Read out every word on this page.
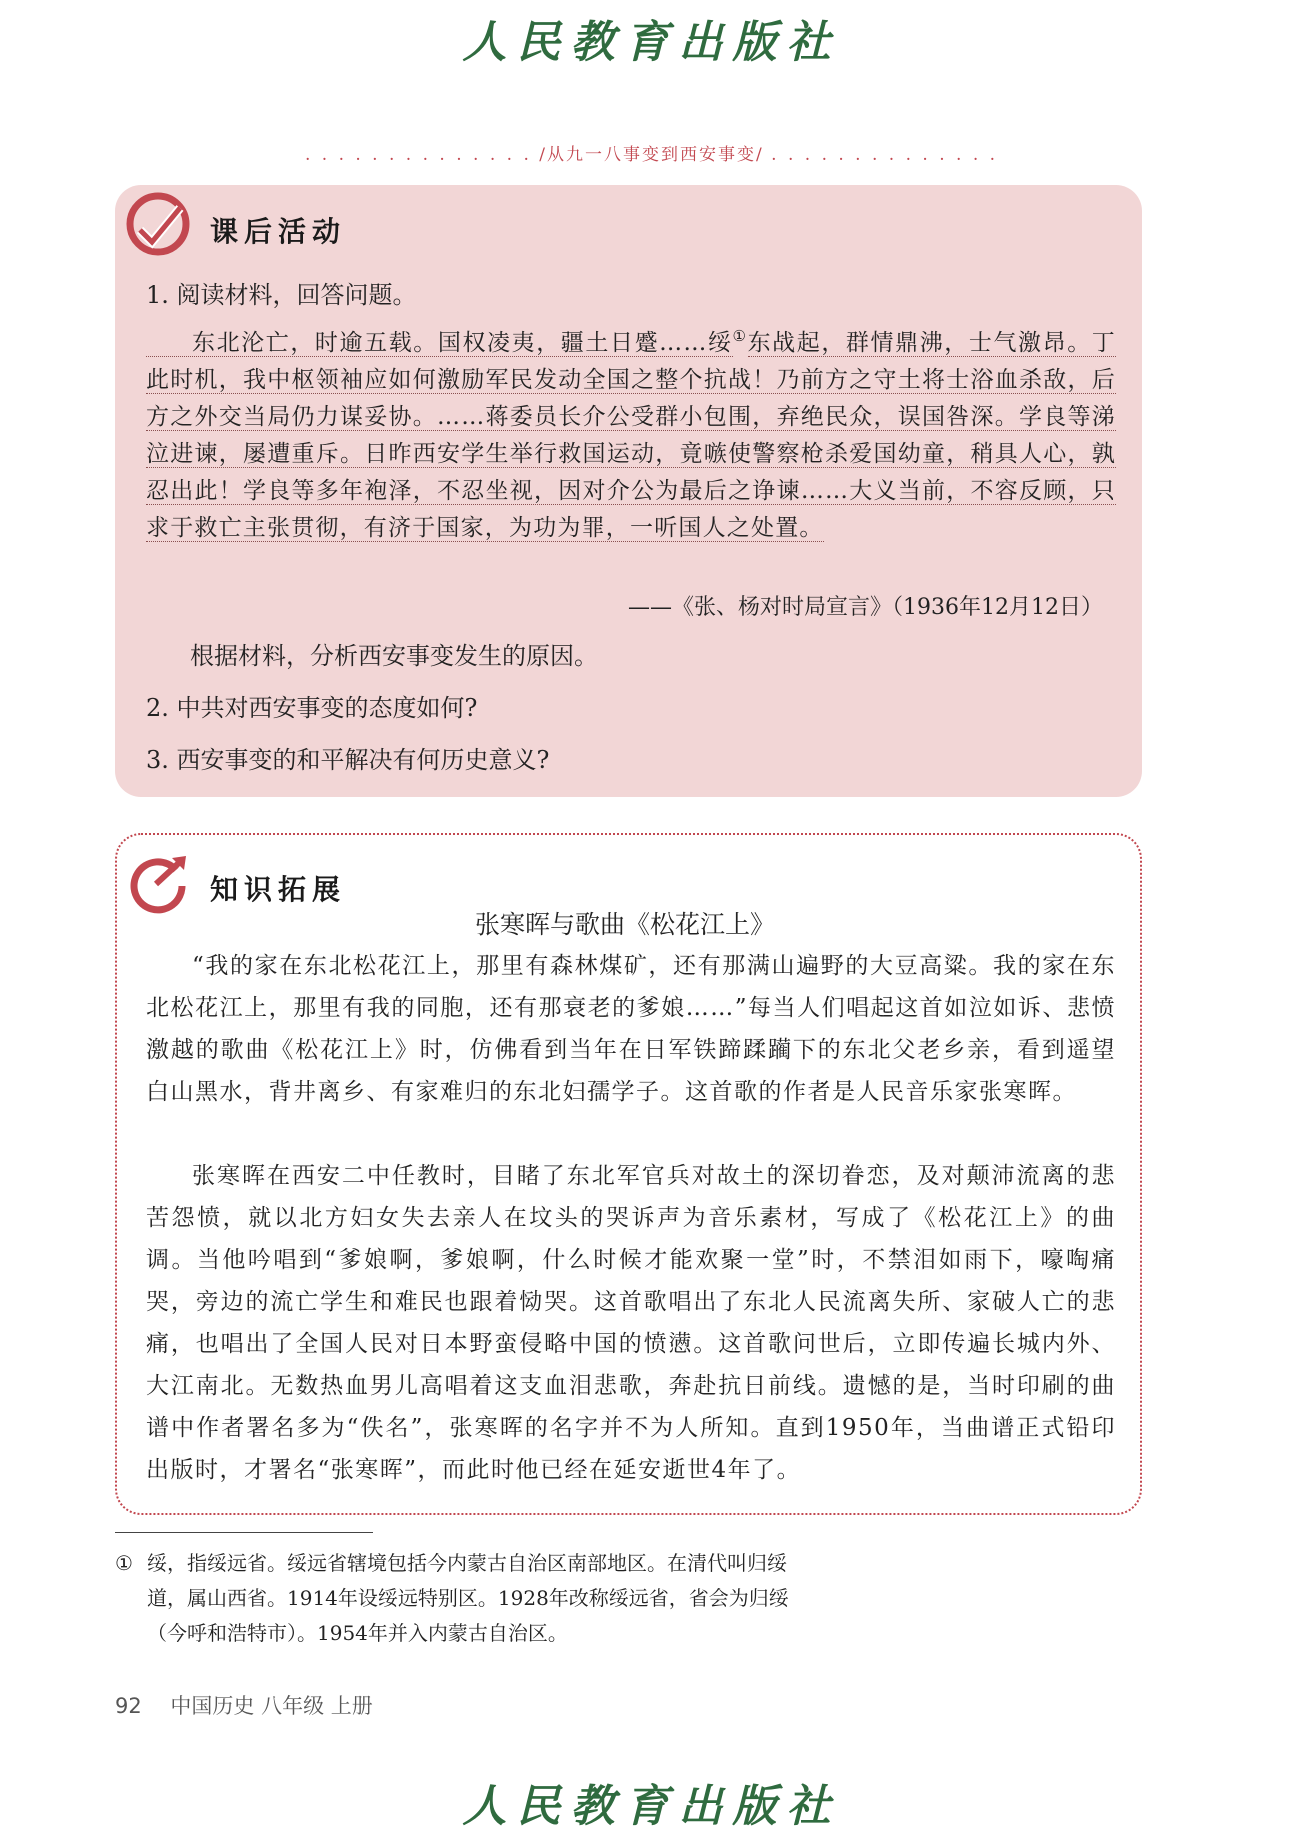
人民教育出版社
. . . . . . . . . . . . . . /从九一八事变到西安事变/ . . . . . . . . . . . . . .
课后活动
1. 阅读材料，回答问题。
东北沦亡，时逾五载。国权凌夷，疆土日蹙……绥①东战起，群情鼎沸，士气激昂。丁此时机，我中枢领袖应如何激励军民发动全国之整个抗战！乃前方之守土将士浴血杀敌，后方之外交当局仍力谋妥协。……蒋委员长介公受群小包围，弃绝民众，误国咎深。学良等涕泣进谏，屡遭重斥。日昨西安学生举行救国运动，竟嗾使警察枪杀爱国幼童，稍具人心，孰忍出此！学良等多年袍泽，不忍坐视，因对介公为最后之诤谏……大义当前，不容反顾，只求于救亡主张贯彻，有济于国家，为功为罪，一听国人之处置。
——《张、杨对时局宣言》（1936年12月12日）
根据材料，分析西安事变发生的原因。
2. 中共对西安事变的态度如何?
3. 西安事变的和平解决有何历史意义?
知识拓展
张寒晖与歌曲《松花江上》
“我的家在东北松花江上，那里有森林煤矿，还有那满山遍野的大豆高粱。我的家在东北松花江上，那里有我的同胞，还有那衰老的爹娘……”每当人们唱起这首如泣如诉、悲愤激越的歌曲《松花江上》时，仿佛看到当年在日军铁蹄蹂躏下的东北父老乡亲，看到遥望白山黑水，背井离乡、有家难归的东北妇孺学子。这首歌的作者是人民音乐家张寒晖。
张寒晖在西安二中任教时，目睹了东北军官兵对故土的深切眷恋，及对颠沛流离的悲苦怨愤，就以北方妇女失去亲人在坟头的哭诉声为音乐素材，写成了《松花江上》的曲调。当他吟唱到“爹娘啊，爹娘啊，什么时候才能欢聚一堂”时，不禁泪如雨下，嚎啕痛哭，旁边的流亡学生和难民也跟着恸哭。这首歌唱出了东北人民流离失所、家破人亡的悲痛，也唱出了全国人民对日本野蛮侵略中国的愤懑。这首歌问世后，立即传遍长城内外、大江南北。无数热血男儿高唱着这支血泪悲歌，奔赴抗日前线。遗憾的是，当时印刷的曲谱中作者署名多为“佚名”，张寒晖的名字并不为人所知。直到1950年，当曲谱正式铅印出版时，才署名“张寒晖”，而此时他已经在延安逝世4年了。
① 绥，指绥远省。绥远省辖境包括今内蒙古自治区南部地区。在清代叫归绥道，属山西省。1914年设绥远特别区。1928年改称绥远省，省会为归绥（今呼和浩特市）。1954年并入内蒙古自治区。
92 中国历史 八年级 上册
人民教育出版社
